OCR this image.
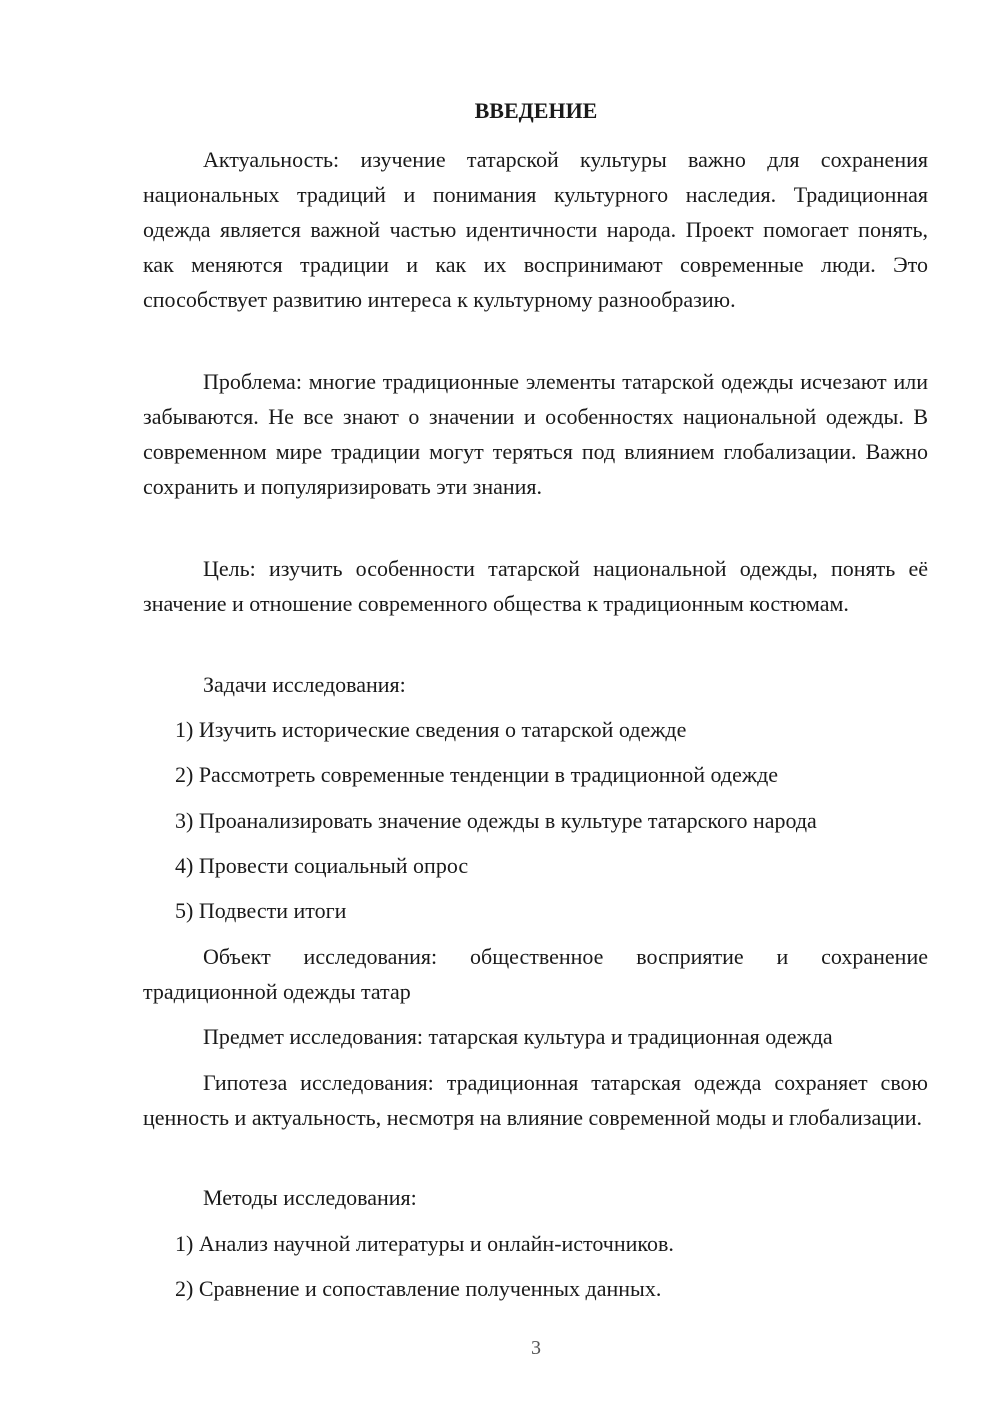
ВВЕДЕНИЕ

Актуальность: изучение татарской культуры важно для сохранения национальных традиций и понимания культурного наследия. Традиционная одежда является важной частью идентичности народа. Проект помогает понять, как меняются традиции и как их воспринимают современные люди. Это способствует развитию интереса к культурному разнообразию.

Проблема: многие традиционные элементы татарской одежды исчезают или забываются. Не все знают о значении и особенностях национальной одежды. В современном мире традиции могут теряться под влиянием глобализации. Важно сохранить и популяризировать эти знания.

Цель: изучить особенности татарской национальной одежды, понять её значение и отношение современного общества к традиционным костюмам.

Задачи исследования:

1) Изучить исторические сведения о татарской одежде

2) Рассмотреть современные тенденции в традиционной одежде

3) Проанализировать значение одежды в культуре татарского народа

4) Провести социальный опрос

5) Подвести итоги

Объект исследования: общественное восприятие и сохранение традиционной одежды татар

Предмет исследования: татарская культура и традиционная одежда

Гипотеза исследования: традиционная татарская одежда сохраняет свою ценность и актуальность, несмотря на влияние современной моды и глобализации.

Методы исследования:

1) Анализ научной литературы и онлайн-источников.

2) Сравнение и сопоставление полученных данных.

3
